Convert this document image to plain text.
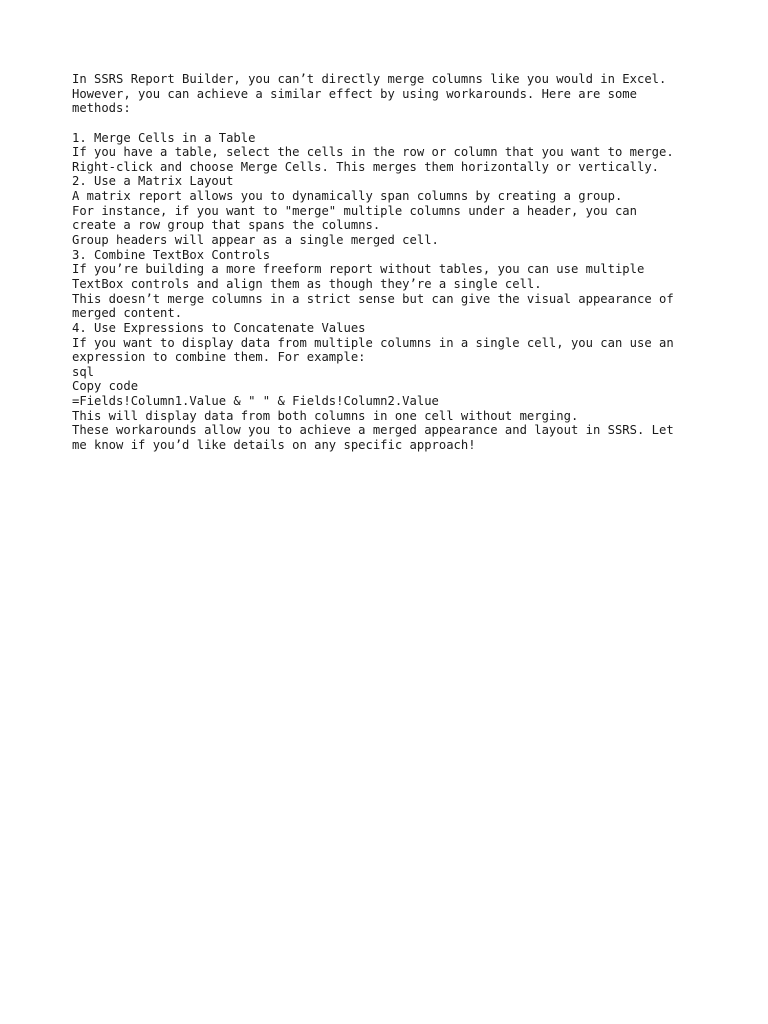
In SSRS Report Builder, you can’t directly merge columns like you would in Excel.
However, you can achieve a similar effect by using workarounds. Here are some
methods:
1. Merge Cells in a Table
If you have a table, select the cells in the row or column that you want to merge.
Right-click and choose Merge Cells. This merges them horizontally or vertically.
2. Use a Matrix Layout
A matrix report allows you to dynamically span columns by creating a group.
For instance, if you want to "merge" multiple columns under a header, you can
create a row group that spans the columns.
Group headers will appear as a single merged cell.
3. Combine TextBox Controls
If you’re building a more freeform report without tables, you can use multiple
TextBox controls and align them as though they’re a single cell.
This doesn’t merge columns in a strict sense but can give the visual appearance of
merged content.
4. Use Expressions to Concatenate Values
If you want to display data from multiple columns in a single cell, you can use an
expression to combine them. For example:
sql
Copy code
=Fields!Column1.Value & " " & Fields!Column2.Value
This will display data from both columns in one cell without merging.
These workarounds allow you to achieve a merged appearance and layout in SSRS. Let
me know if you’d like details on any specific approach!
